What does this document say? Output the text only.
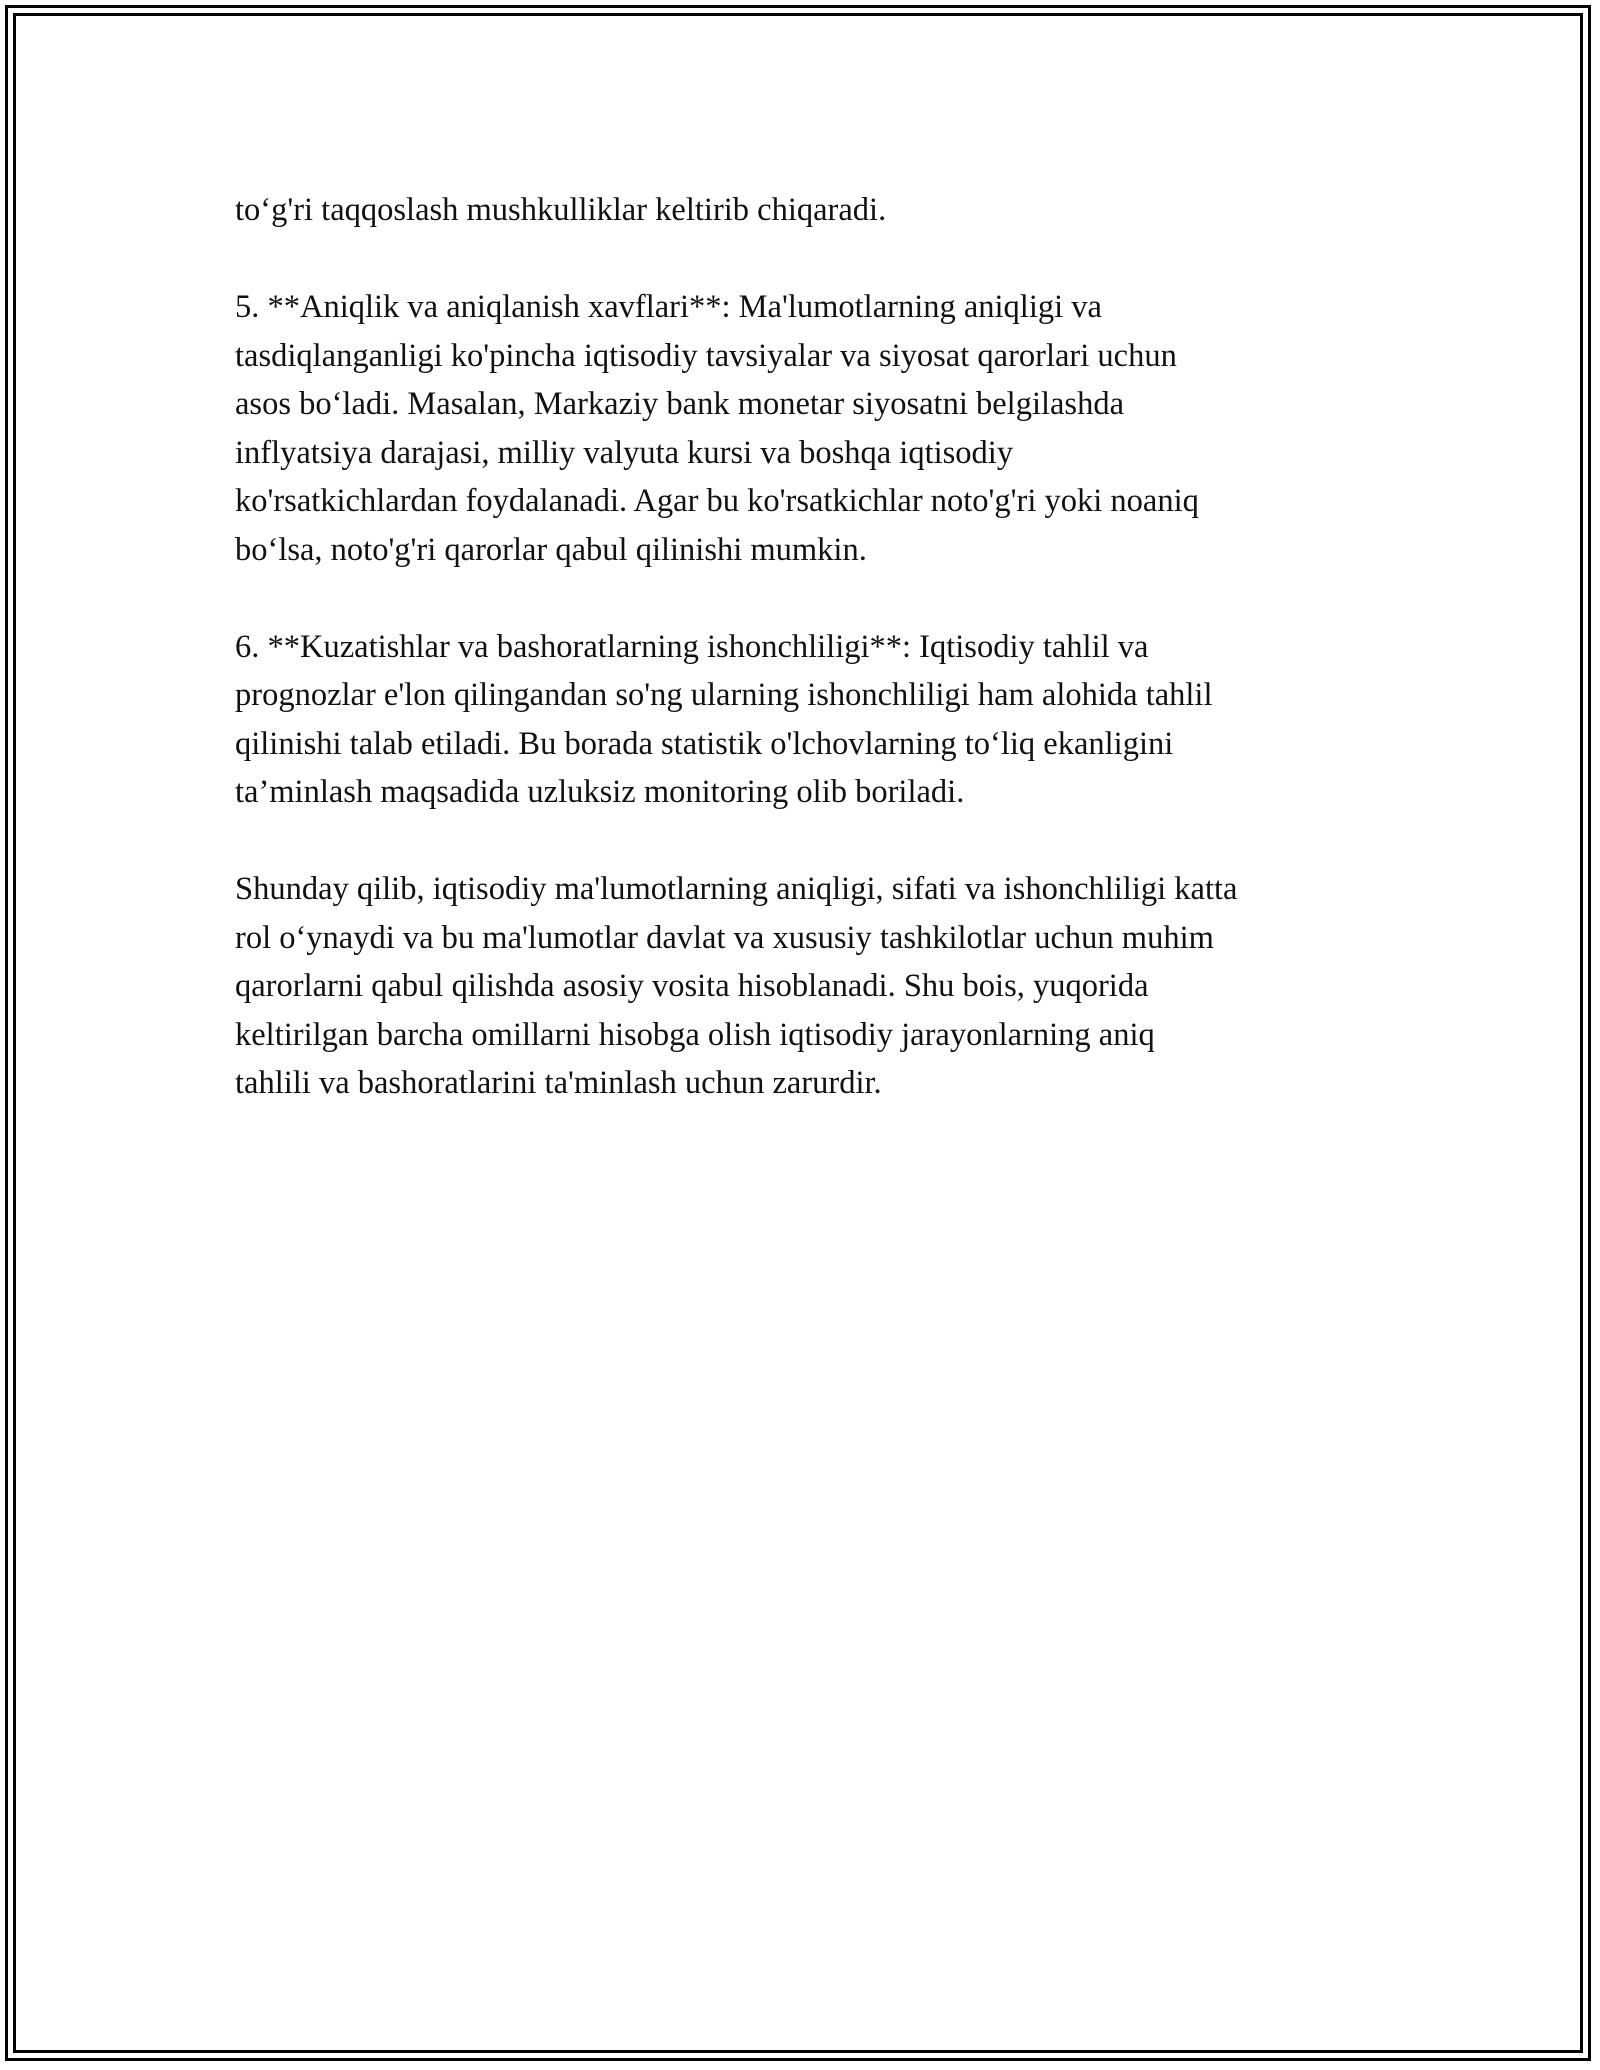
to‘g'ri taqqoslash mushkulliklar keltirib chiqaradi.
5. **Aniqlik va aniqlanish xavflari**: Ma'lumotlarning aniqligi va
tasdiqlanganligi ko'pincha iqtisodiy tavsiyalar va siyosat qarorlari uchun
asos bo‘ladi. Masalan, Markaziy bank monetar siyosatni belgilashda
inflyatsiya darajasi, milliy valyuta kursi va boshqa iqtisodiy
ko'rsatkichlardan foydalanadi. Agar bu ko'rsatkichlar noto'g'ri yoki noaniq
bo‘lsa, noto'g'ri qarorlar qabul qilinishi mumkin.
6. **Kuzatishlar va bashoratlarning ishonchliligi**: Iqtisodiy tahlil va
prognozlar e'lon qilingandan so'ng ularning ishonchliligi ham alohida tahlil
qilinishi talab etiladi. Bu borada statistik o'lchovlarning to‘liq ekanligini
ta’minlash maqsadida uzluksiz monitoring olib boriladi.
Shunday qilib, iqtisodiy ma'lumotlarning aniqligi, sifati va ishonchliligi katta
rol o‘ynaydi va bu ma'lumotlar davlat va xususiy tashkilotlar uchun muhim
qarorlarni qabul qilishda asosiy vosita hisoblanadi. Shu bois, yuqorida
keltirilgan barcha omillarni hisobga olish iqtisodiy jarayonlarning aniq
tahlili va bashoratlarini ta'minlash uchun zarurdir.
